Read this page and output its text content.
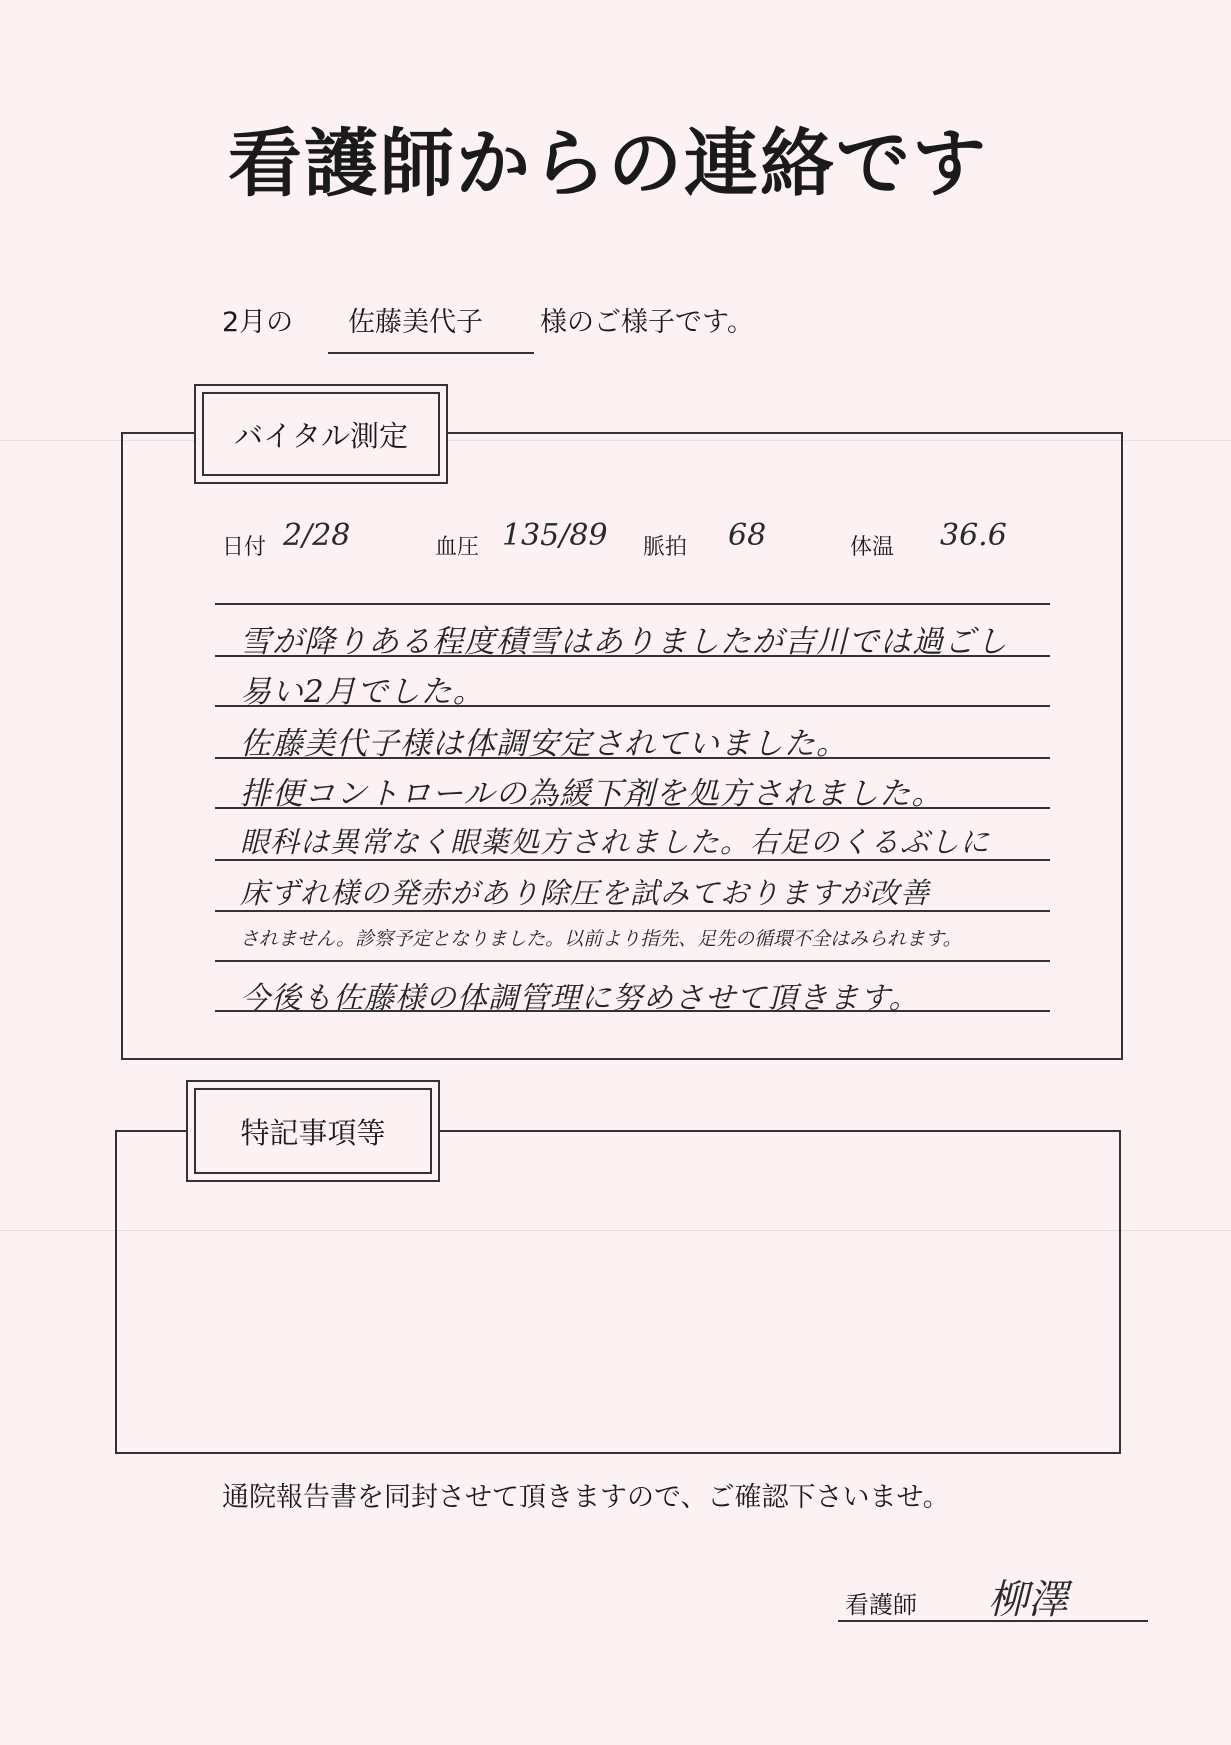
看護師からの連絡です
2月の 佐藤美代子 様のご様子です。
バイタル測定
日付 2/28	血圧 135/89 脈拍 68	体温 36.6
雪が降りある程度積雪はありましたが吉川では過ごし
易い2月でした。
佐藤美代子様は体調安定されていました。
排便コントロールの為緩下剤を処方されました。
眼科は異常なく眼薬処方されました。右足のくるぶしに
床ずれ様の発赤があり除圧を試みておりますが改善
されません。診察予定となりました。以前より指先、足先の循環不全はみられます。
今後も佐藤様の体調管理に努めさせて頂きます。
特記事項等
通院報告書を同封させて頂きますので、ご確認下さいませ。
看護師 柳澤
